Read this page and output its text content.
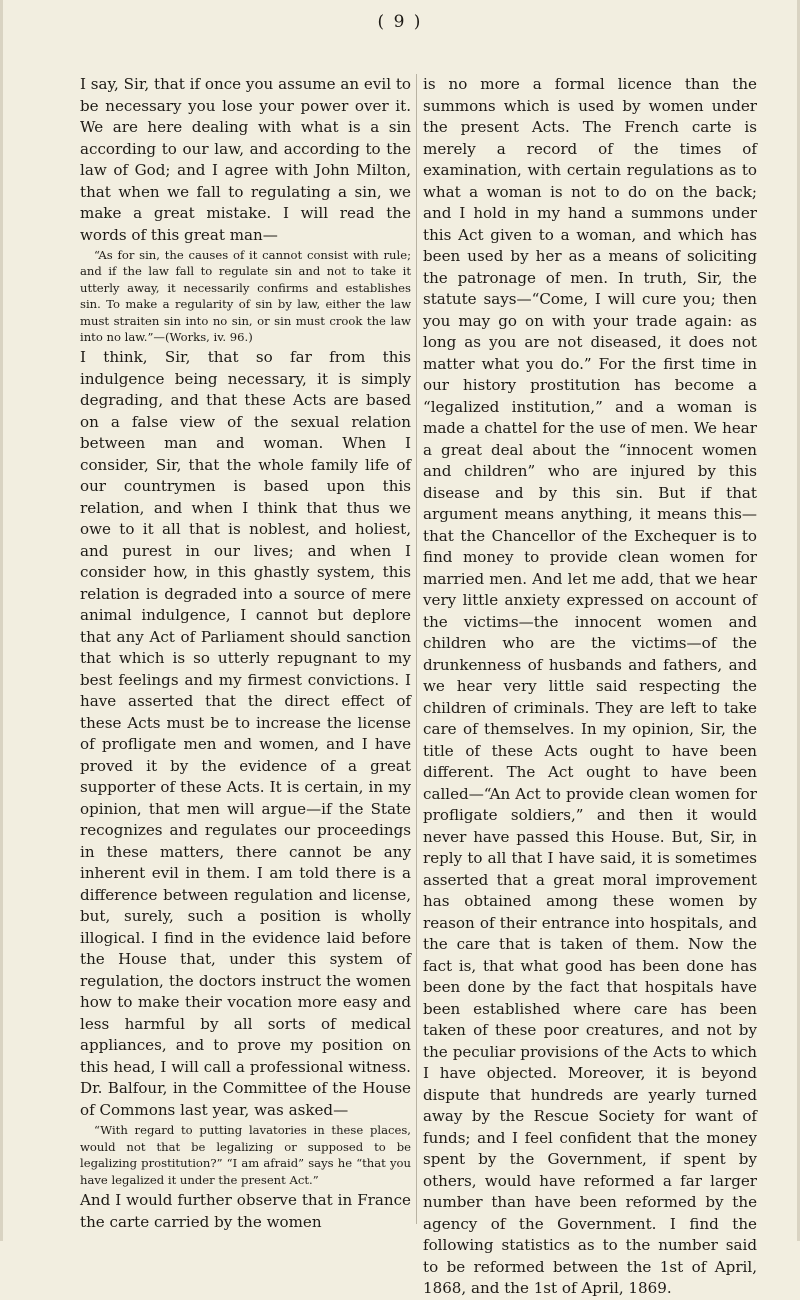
( 9 )

I say, Sir, that if once you assume an evil to be necessary you lose your power over it. We are here dealing with what is a sin according to our law, and according to the law of God; and I agree with John Milton, that when we fall to regulating a sin, we make a great mistake. I will read the words of this great man—

“As for sin, the causes of it cannot consist with rule; and if the law fall to regulate sin and not to take it utterly away, it necessarily confirms and establishes sin. To make a regularity of sin by law, either the law must straiten sin into no sin, or sin must crook the law into no law.”—(Works, iv. 96.)

I think, Sir, that so far from this indulgence being necessary, it is simply degrading, and that these Acts are based on a false view of the sexual relation between man and woman. When I consider, Sir, that the whole family life of our countrymen is based upon this relation, and when I think that thus we owe to it all that is noblest, and holiest, and purest in our lives; and when I consider how, in this ghastly system, this relation is degraded into a source of mere animal indulgence, I cannot but deplore that any Act of Parliament should sanction that which is so utterly repugnant to my best feelings and my firmest convictions. I have asserted that the direct effect of these Acts must be to increase the license of profligate men and women, and I have proved it by the evidence of a great supporter of these Acts. It is certain, in my opinion, that men will argue—if the State recognizes and regulates our proceedings in these matters, there cannot be any inherent evil in them. I am told there is a difference between regulation and license, but, surely, such a position is wholly illogical. I find in the evidence laid before the House that, under this system of regulation, the doctors instruct the women how to make their vocation more easy and less harmful by all sorts of medical appliances, and to prove my position on this head, I will call a professional witness. Dr. Balfour, in the Committee of the House of Commons last year, was asked—

“With regard to putting lavatories in these places, would not that be legalizing or supposed to be legalizing prostitution?” “I am afraid” says he “that you have legalized it under the present Act.”

And I would further observe that in France the carte carried by the women

is no more a formal licence than the summons which is used by women under the present Acts. The French carte is merely a record of the times of examination, with certain regulations as to what a woman is not to do on the back; and I hold in my hand a summons under this Act given to a woman, and which has been used by her as a means of soliciting the patronage of men. In truth, Sir, the statute says—“Come, I will cure you; then you may go on with your trade again: as long as you are not diseased, it does not matter what you do.” For the first time in our history prostitution has become a “legalized institution,” and a woman is made a chattel for the use of men. We hear a great deal about the “innocent women and children” who are injured by this disease and by this sin. But if that argument means anything, it means this—that the Chancellor of the Exchequer is to find money to provide clean women for married men. And let me add, that we hear very little anxiety expressed on account of the victims—the innocent women and children who are the victims—of the drunkenness of husbands and fathers, and we hear very little said respecting the children of criminals. They are left to take care of themselves. In my opinion, Sir, the title of these Acts ought to have been different. The Act ought to have been called—“An Act to provide clean women for profligate soldiers,” and then it would never have passed this House. But, Sir, in reply to all that I have said, it is sometimes asserted that a great moral improvement has obtained among these women by reason of their entrance into hospitals, and the care that is taken of them. Now the fact is, that what good has been done has been done by the fact that hospitals have been established where care has been taken of these poor creatures, and not by the peculiar provisions of the Acts to which I have objected. Moreover, it is beyond dispute that hundreds are yearly turned away by the Rescue Society for want of funds; and I feel confident that the money spent by the Government, if spent by others, would have reformed a far larger number than have been reformed by the agency of the Government. I find the following statistics as to the number said to be reformed between the 1st of April, 1868, and the 1st of April, 1869.
